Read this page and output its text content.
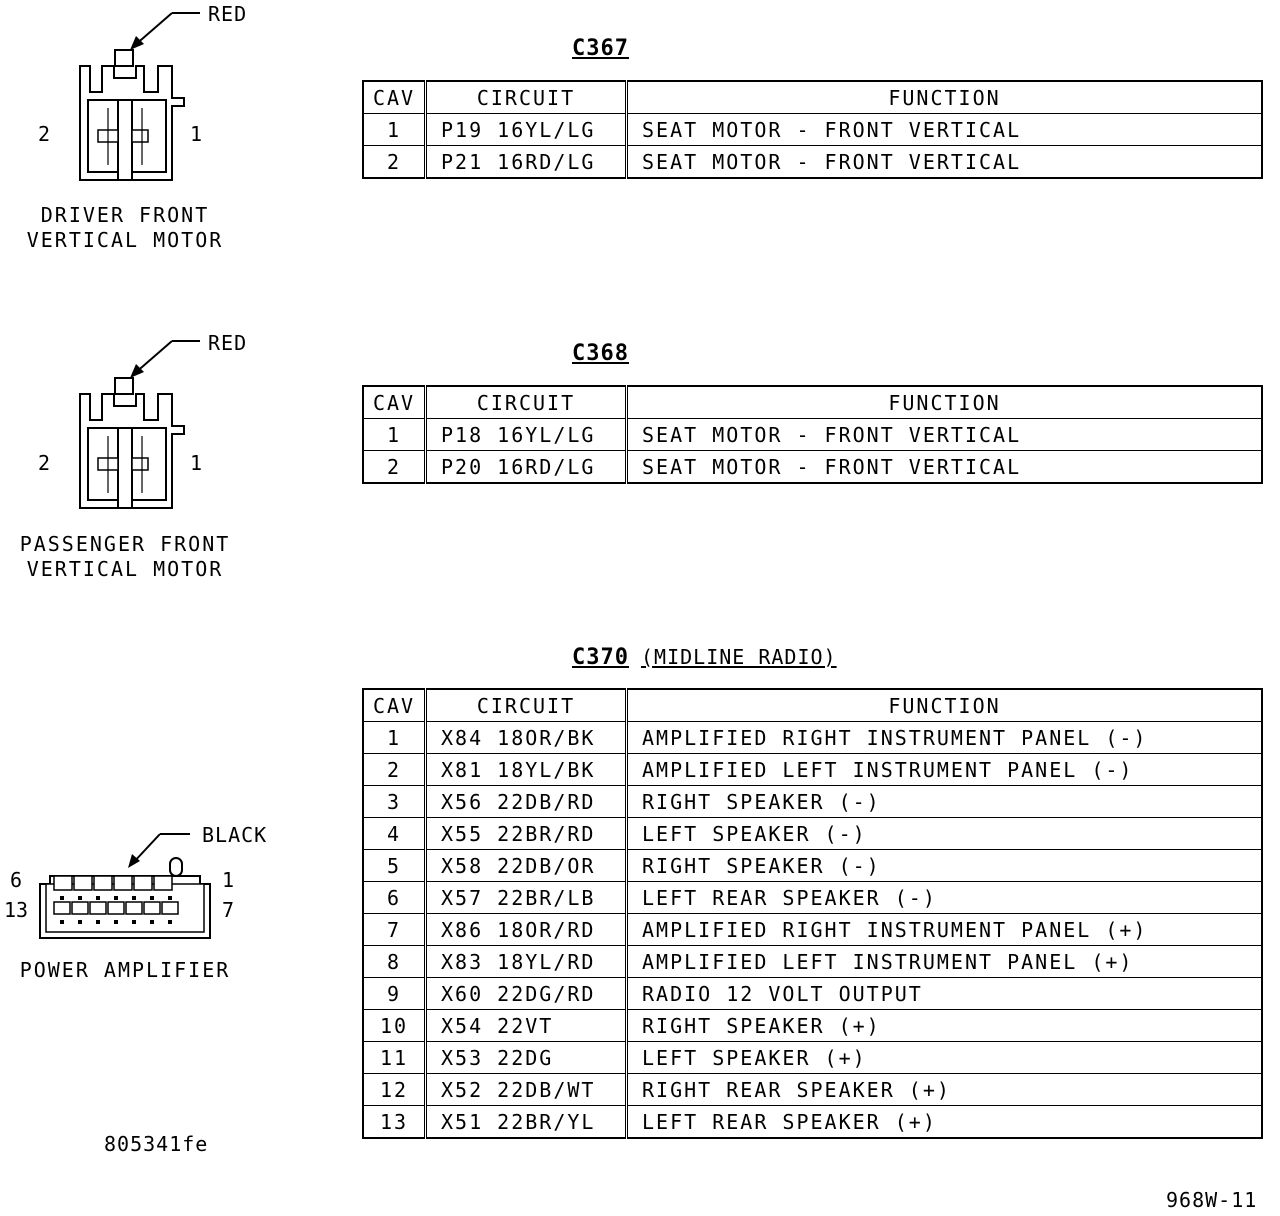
RED
2	1
DRIVER FRONT
VERTICAL MOTOR
C367
CAV	CIRCUIT	FUNCTION
1	P19 16YL/LG	SEAT MOTOR - FRONT VERTICAL
2	P21 16RD/LG	SEAT MOTOR - FRONT VERTICAL
RED
2	1
PASSENGER FRONT
VERTICAL MOTOR
C368
CAV	CIRCUIT	FUNCTION
1	P18 16YL/LG	SEAT MOTOR - FRONT VERTICAL
2	P20 16RD/LG	SEAT MOTOR - FRONT VERTICAL
BLACK
6
13
1
7
POWER AMPLIFIER
C370 (MIDLINE RADIO)
CAV	CIRCUIT	FUNCTION
1	X84 18OR/BK	AMPLIFIED RIGHT INSTRUMENT PANEL (-)
2	X81 18YL/BK	AMPLIFIED LEFT INSTRUMENT PANEL (-)
3	X56 22DB/RD	RIGHT SPEAKER (-)
4	X55 22BR/RD	LEFT SPEAKER (-)
5	X58 22DB/OR	RIGHT SPEAKER (-)
6	X57 22BR/LB	LEFT REAR SPEAKER (-)
7	X86 18OR/RD	AMPLIFIED RIGHT INSTRUMENT PANEL (+)
8	X83 18YL/RD	AMPLIFIED LEFT INSTRUMENT PANEL (+)
9	X60 22DG/RD	RADIO 12 VOLT OUTPUT
10	X54 22VT	RIGHT SPEAKER (+)
11	X53 22DG	LEFT SPEAKER (+)
12	X52 22DB/WT	RIGHT REAR SPEAKER (+)
13	X51 22BR/YL	LEFT REAR SPEAKER (+)
805341fe
968W-11
